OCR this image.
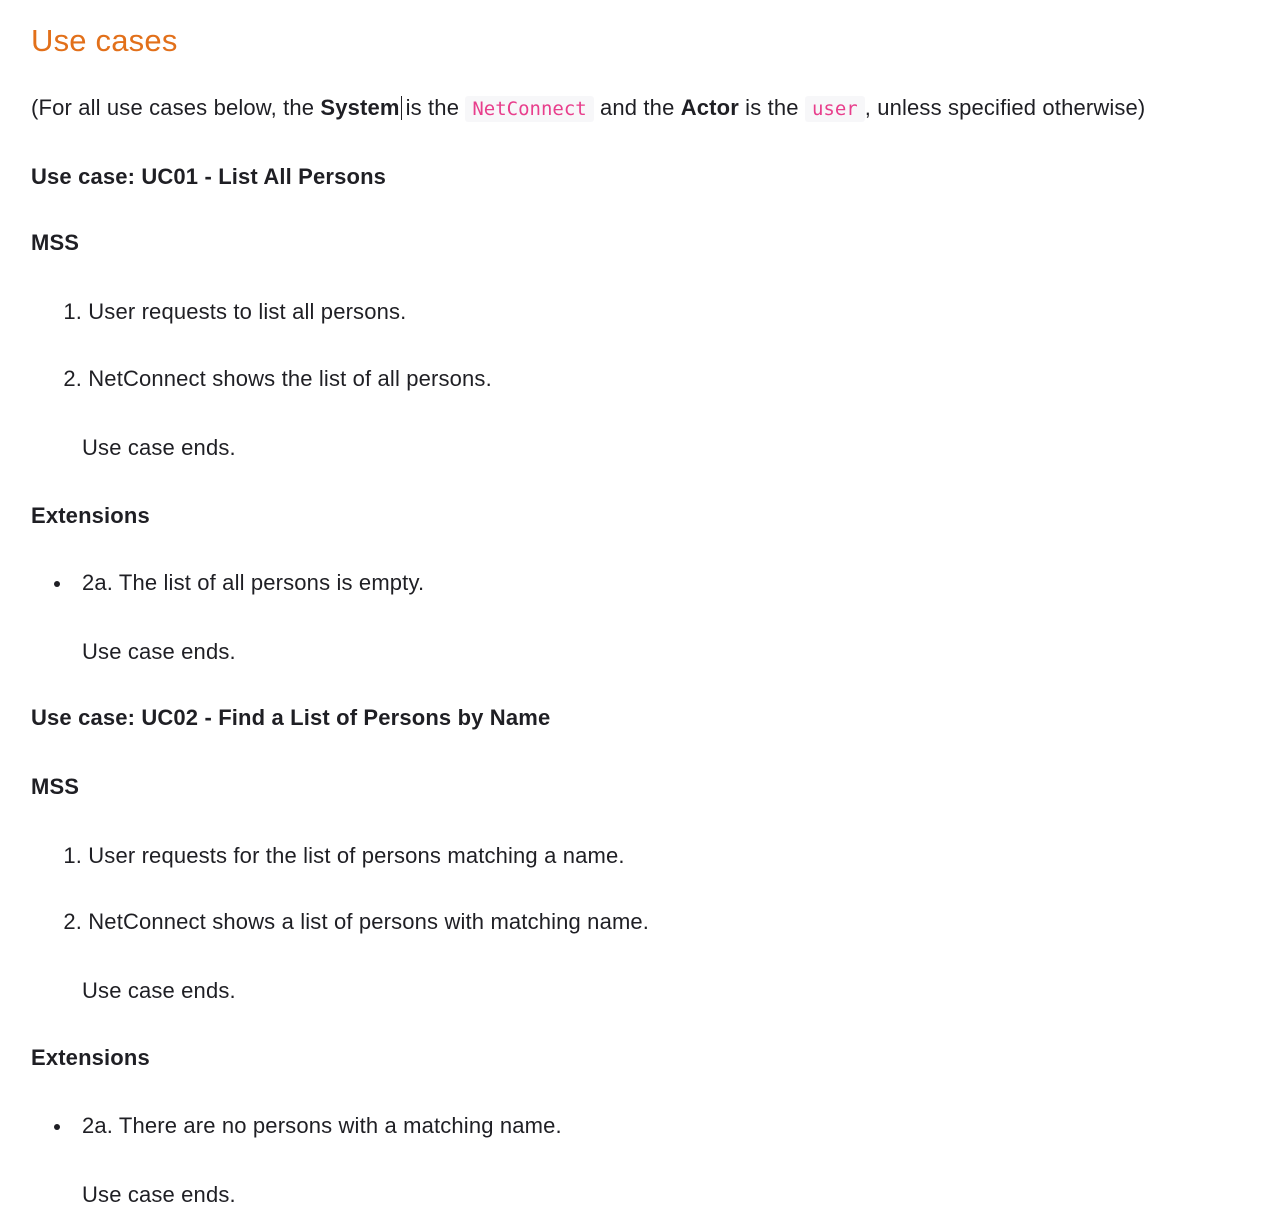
Use cases
(For all use cases below, the System is the NetConnect and the Actor is the user , unless specified otherwise)
Use case: UC01 - List All Persons
MSS
1. User requests to list all persons.
2. NetConnect shows the list of all persons.
Use case ends.
Extensions
2a. The list of all persons is empty.
Use case ends.
Use case: UC02 - Find a List of Persons by Name
MSS
1. User requests for the list of persons matching a name.
2. NetConnect shows a list of persons with matching name.
Use case ends.
Extensions
2a. There are no persons with a matching name.
Use case ends.
